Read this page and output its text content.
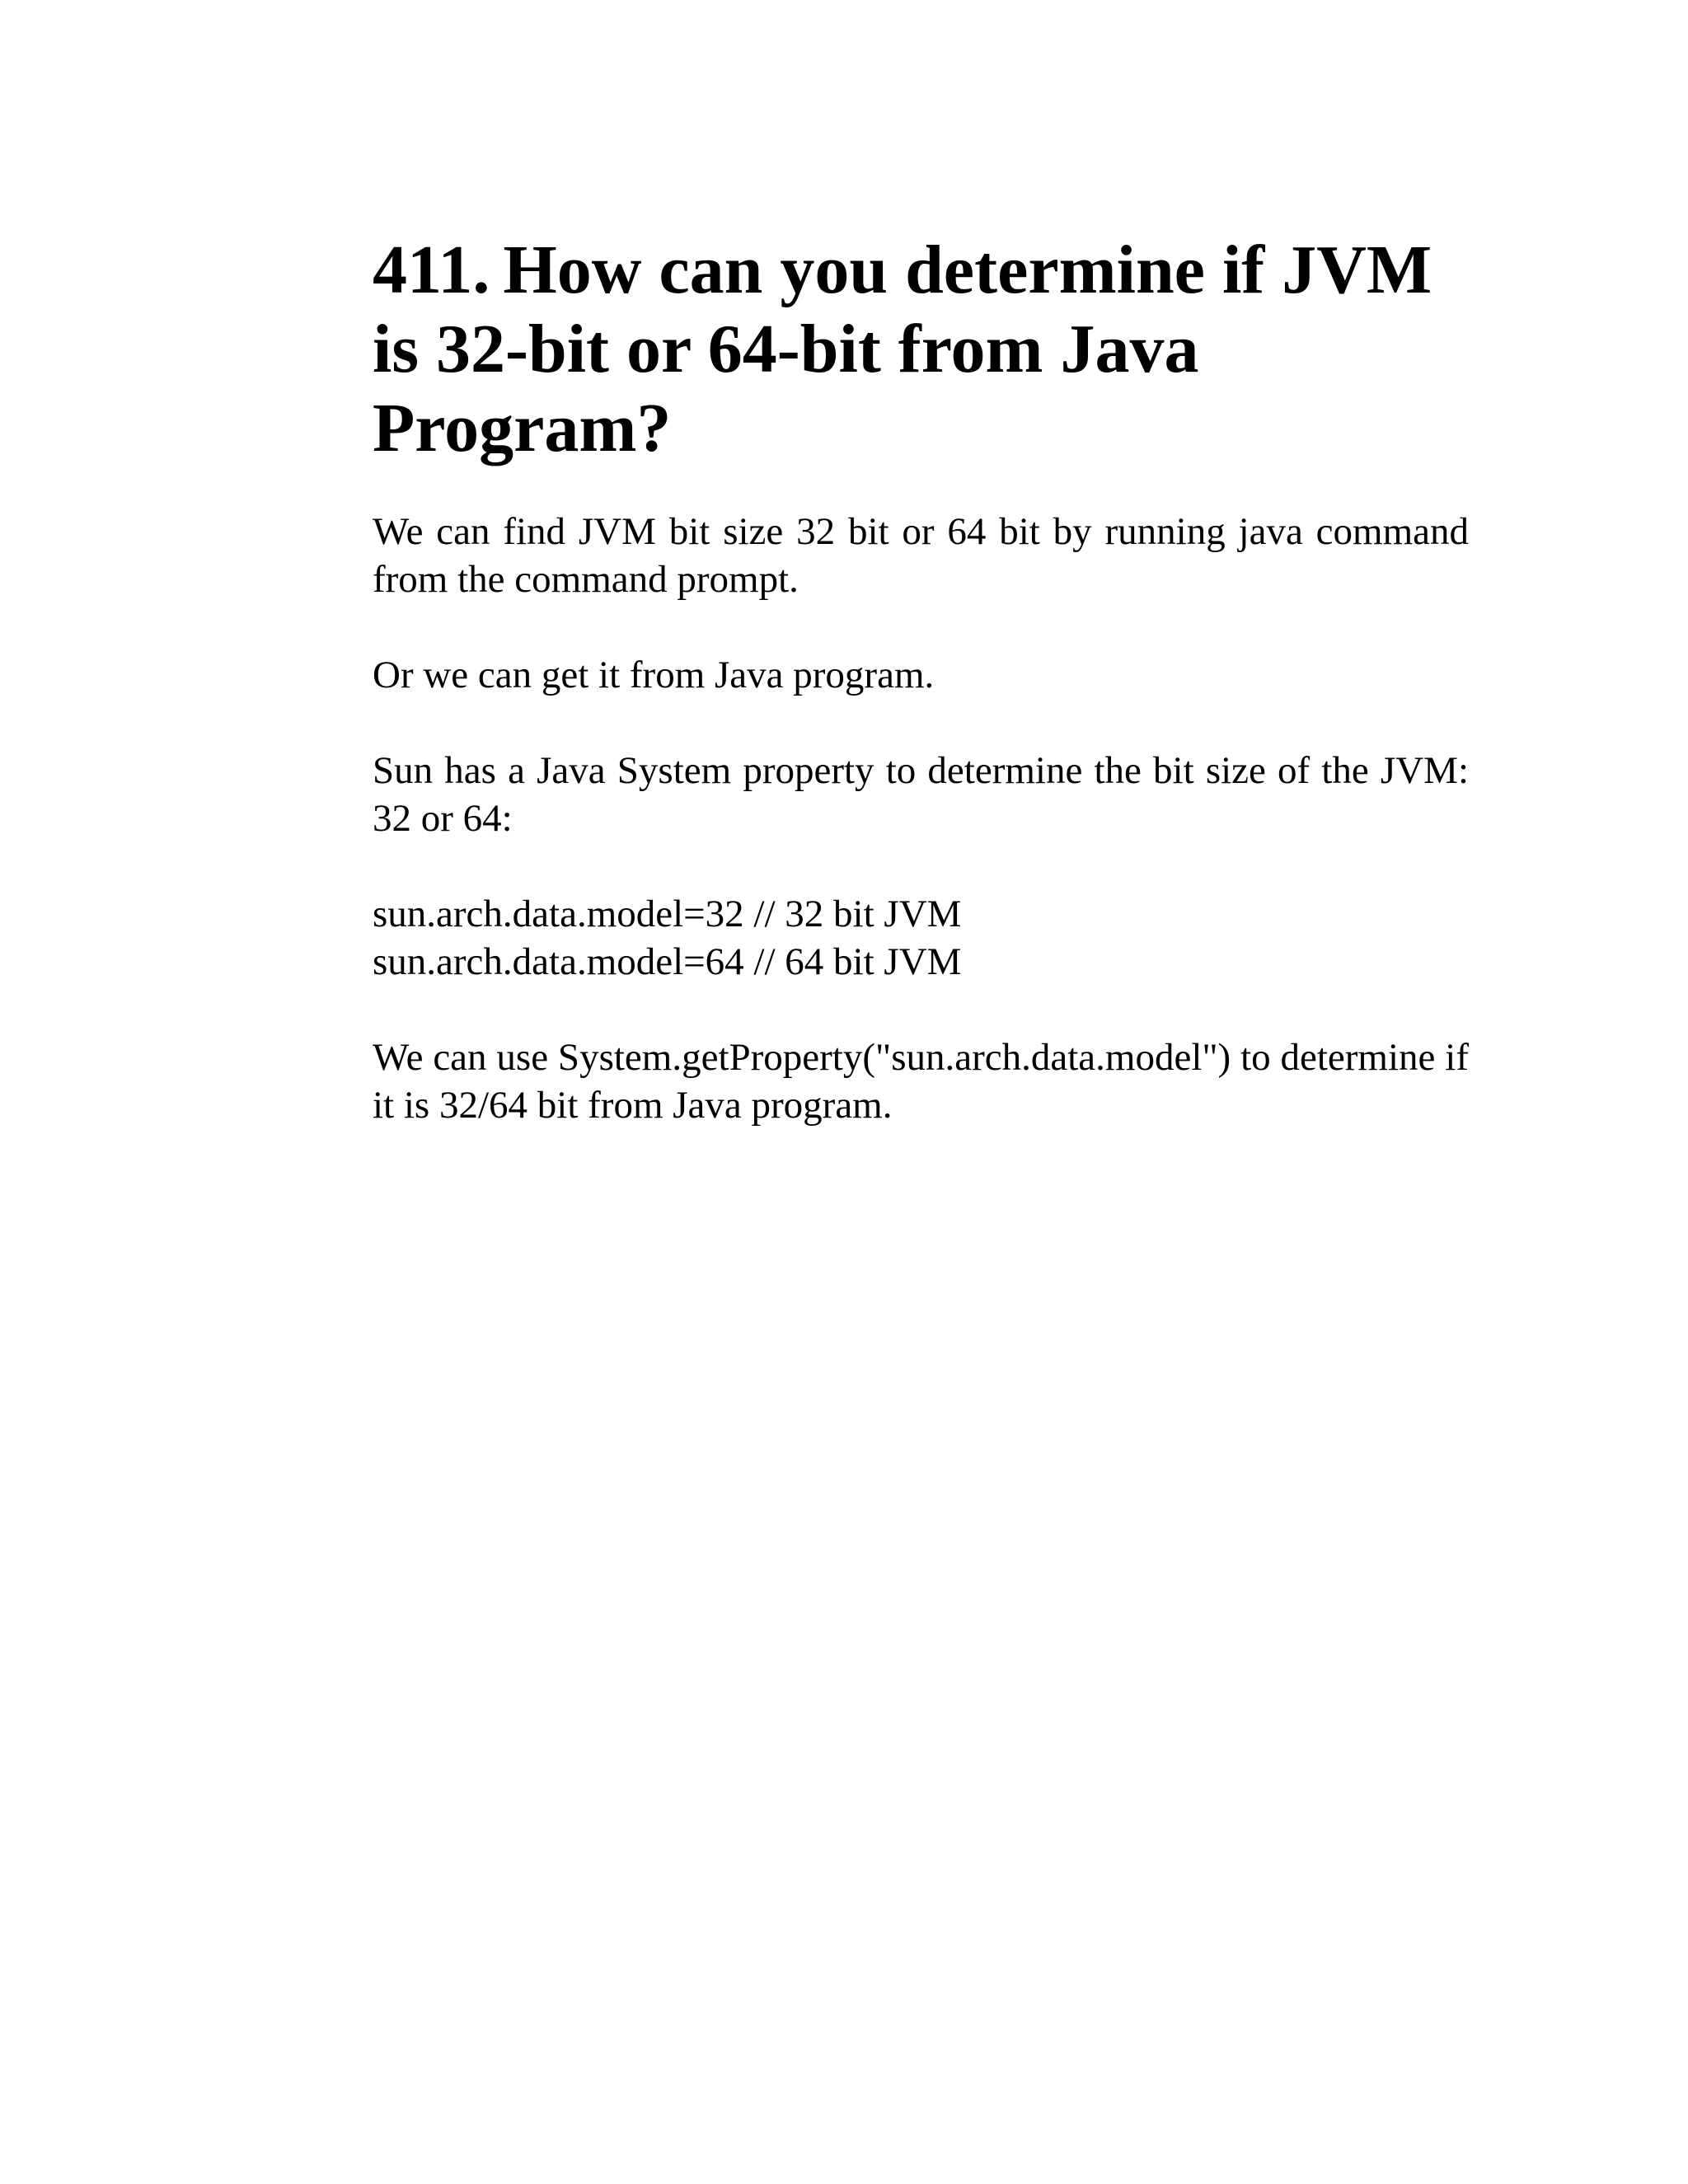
411. How can you determine if JVM is 32-bit or 64-bit from Java Program?

We can find JVM bit size 32 bit or 64 bit by running java command from the command prompt.

Or we can get it from Java program.

Sun has a Java System property to determine the bit size of the JVM: 32 or 64:

sun.arch.data.model=32 // 32 bit JVM

sun.arch.data.model=64 // 64 bit JVM

We can use System.getProperty("sun.arch.data.model") to determine if it is 32/64 bit from Java program.
